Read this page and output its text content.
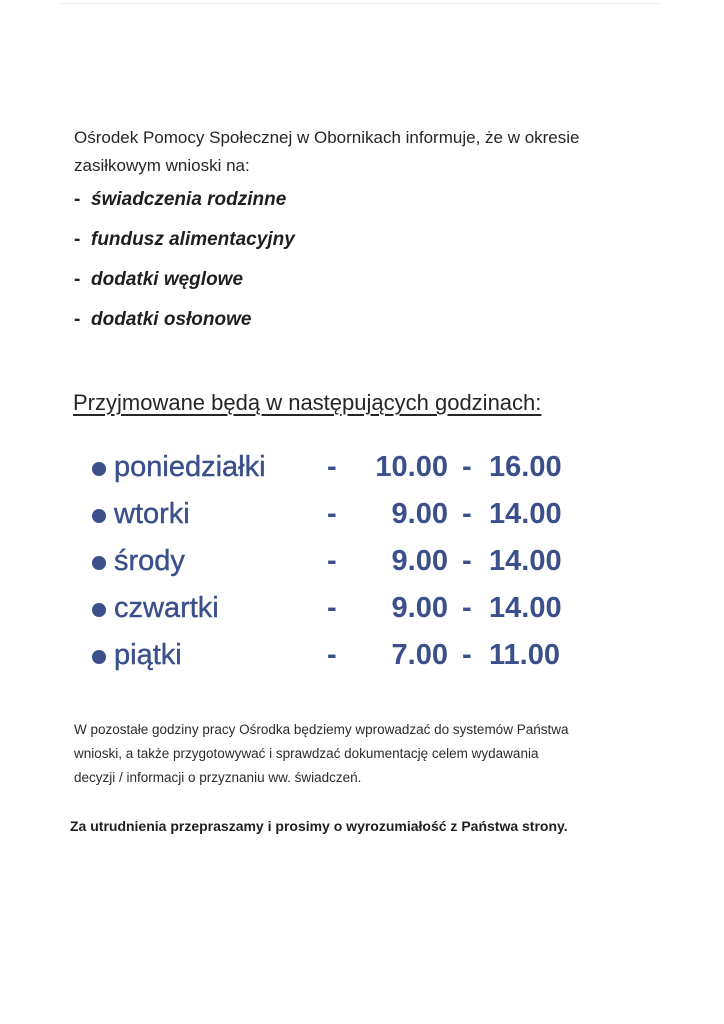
Ośrodek Pomocy Społecznej w Obornikach informuje, że w okresie
zasiłkowym wnioski na:
- świadczenia rodzinne
- fundusz alimentacyjny
- dodatki węglowe
- dodatki osłonowe
Przyjmowane będą w następujących godzinach:
poniedziałki -	10.00 - 16.00
wtorki	-	9.00 - 14.00
środy	-	9.00 - 14.00
czwartki	-	9.00 - 14.00
piątki	-	7.00 - 11.00
W pozostałe godziny pracy Ośrodka będziemy wprowadzać do systemów Państwa
wnioski, a także przygotowywać i sprawdzać dokumentację celem wydawania
decyzji / informacji o przyznaniu ww. świadczeń.
Za utrudnienia przepraszamy i prosimy o wyrozumiałość z Państwa strony.
